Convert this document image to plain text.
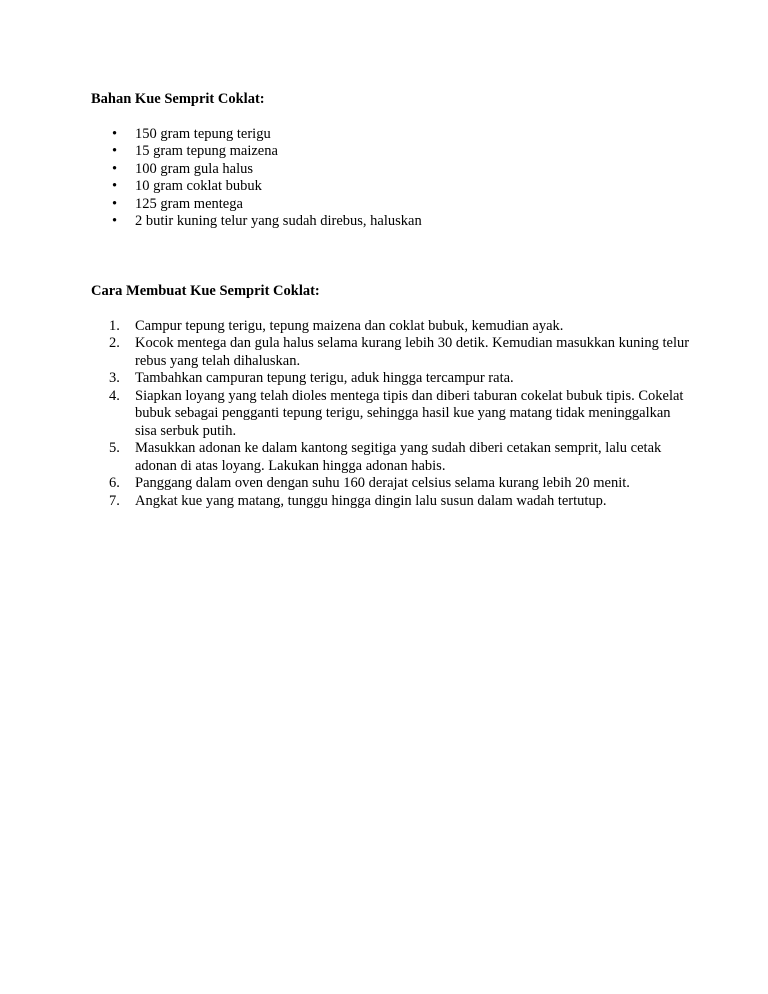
Bahan Kue Semprit Coklat:
• 150 gram tepung terigu
• 15 gram tepung maizena
• 100 gram gula halus
• 10 gram coklat bubuk
• 125 gram mentega
• 2 butir kuning telur yang sudah direbus, haluskan
Cara Membuat Kue Semprit Coklat:
1. Campur tepung terigu, tepung maizena dan coklat bubuk, kemudian ayak.
2. Kocok mentega dan gula halus selama kurang lebih 30 detik. Kemudian masukkan kuning telur rebus yang telah dihaluskan.
3. Tambahkan campuran tepung terigu, aduk hingga tercampur rata.
4. Siapkan loyang yang telah dioles mentega tipis dan diberi taburan cokelat bubuk tipis. Cokelat bubuk sebagai pengganti tepung terigu, sehingga hasil kue yang matang tidak meninggalkan sisa serbuk putih.
5. Masukkan adonan ke dalam kantong segitiga yang sudah diberi cetakan semprit, lalu cetak adonan di atas loyang. Lakukan hingga adonan habis.
6. Panggang dalam oven dengan suhu 160 derajat celsius selama kurang lebih 20 menit.
7. Angkat kue yang matang, tunggu hingga dingin lalu susun dalam wadah tertutup.
